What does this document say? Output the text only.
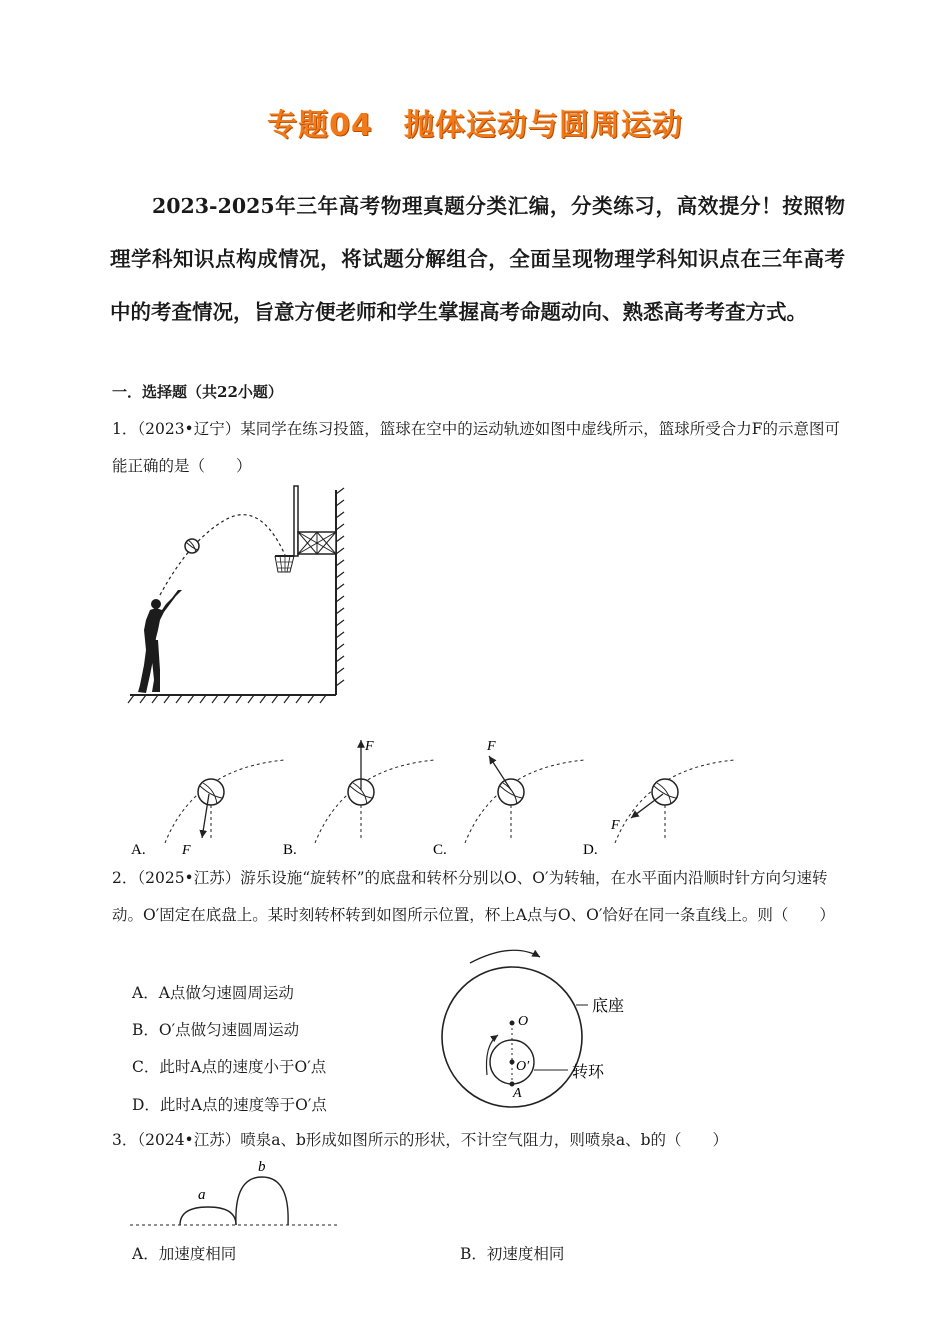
专题04　抛体运动与圆周运动
2023-2025年三年高考物理真题分类汇编，分类练习，高效提分！按照物理学科知识点构成情况，将试题分解组合，全面呈现物理学科知识点在三年高考中的考查情况，旨意方便老师和学生掌握高考命题动向、熟悉高考考查方式。
一．选择题（共22小题）
1．（2023•辽宁）某同学在练习投篮，篮球在空中的运动轨迹如图中虚线所示，篮球所受合力F的示意图可能正确的是（　　）
F
F	F
F
A.	B.	C.	D.
2．（2025•江苏）游乐设施“旋转杯”的底盘和转杯分别以O、O′为转轴，在水平面内沿顺时针方向匀速转动。O′固定在底盘上。某时刻转杯转到如图所示位置，杯上A点与O、O′恰好在同一条直线上。则（　　）
A．A点做匀速圆周运动
B．O′点做匀速圆周运动
C．此时A点的速度小于O′点
D．此时A点的速度等于O′点
O
O′
A
底座
转环
3．（2024•江苏）喷泉a、b形成如图所示的形状，不计空气阻力，则喷泉a、b的（　　）
a
b
A．加速度相同	B．初速度相同
